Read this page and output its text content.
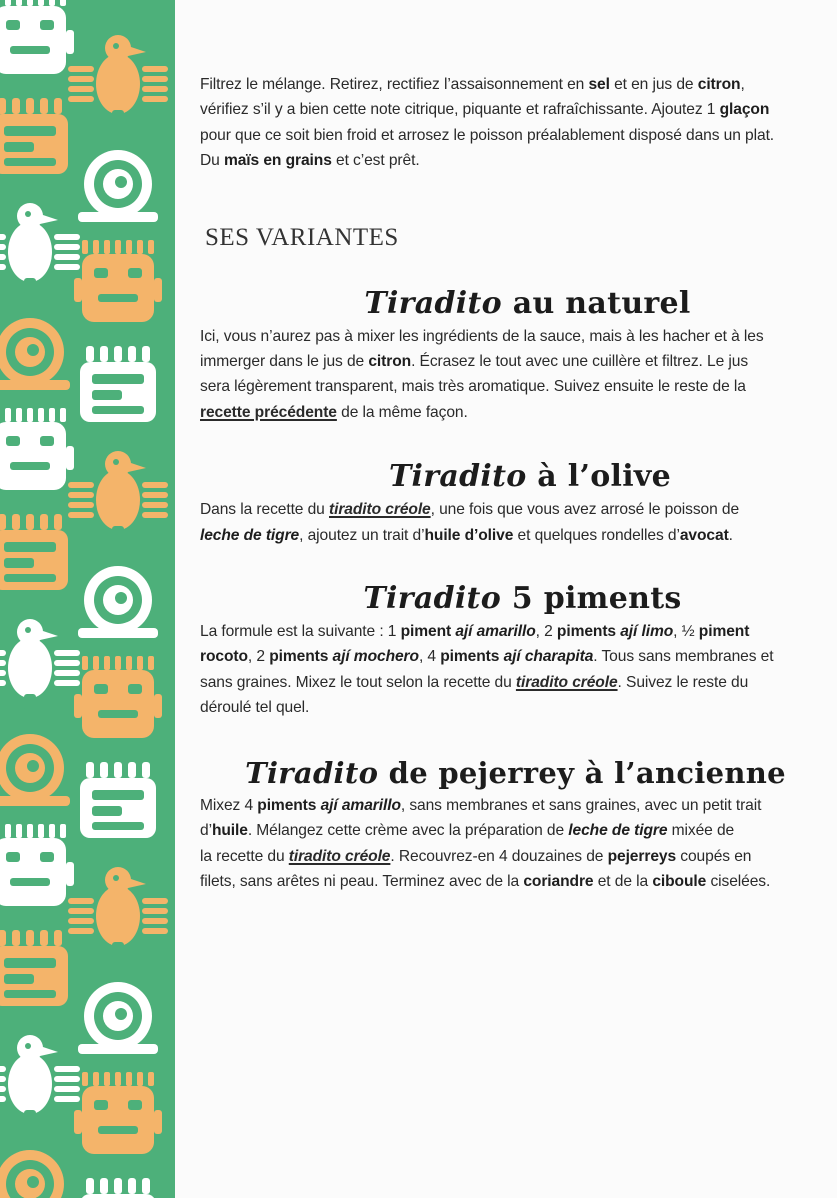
Filtrez le mélange. Retirez, rectifiez l’assaisonnement en sel et en jus de citron,
vérifiez s’il y a bien cette note citrique, piquante et rafraîchissante. Ajoutez 1 glaçon
pour que ce soit bien froid et arrosez le poisson préalablement disposé dans un plat.
Du maïs en grains et c’est prêt.
SES VARIANTES
Tiradito au naturel
Ici, vous n’aurez pas à mixer les ingrédients de la sauce, mais à les hacher et à les
immerger dans le jus de citron. Écrasez le tout avec une cuillère et filtrez. Le jus
sera légèrement transparent, mais très aromatique. Suivez ensuite le reste de la
recette précédente de la même façon.
Tiradito à l’olive
Dans la recette du tiradito créole, une fois que vous avez arrosé le poisson de
leche de tigre, ajoutez un trait d’huile d’olive et quelques rondelles d’avocat.
Tiradito 5 piments
La formule est la suivante : 1 piment ají amarillo, 2 piments ají limo, ½ piment
rocoto, 2 piments ají mochero, 4 piments ají charapita. Tous sans membranes et
sans graines. Mixez le tout selon la recette du tiradito créole. Suivez le reste du
déroulé tel quel.
Tiradito de pejerrey à l’ancienne
Mixez 4 piments ají amarillo, sans membranes et sans graines, avec un petit trait
d’huile. Mélangez cette crème avec la préparation de leche de tigre mixée de
la recette du tiradito créole. Recouvrez-en 4 douzaines de pejerreys coupés en
filets, sans arêtes ni peau. Terminez avec de la coriandre et de la ciboule ciselées.
